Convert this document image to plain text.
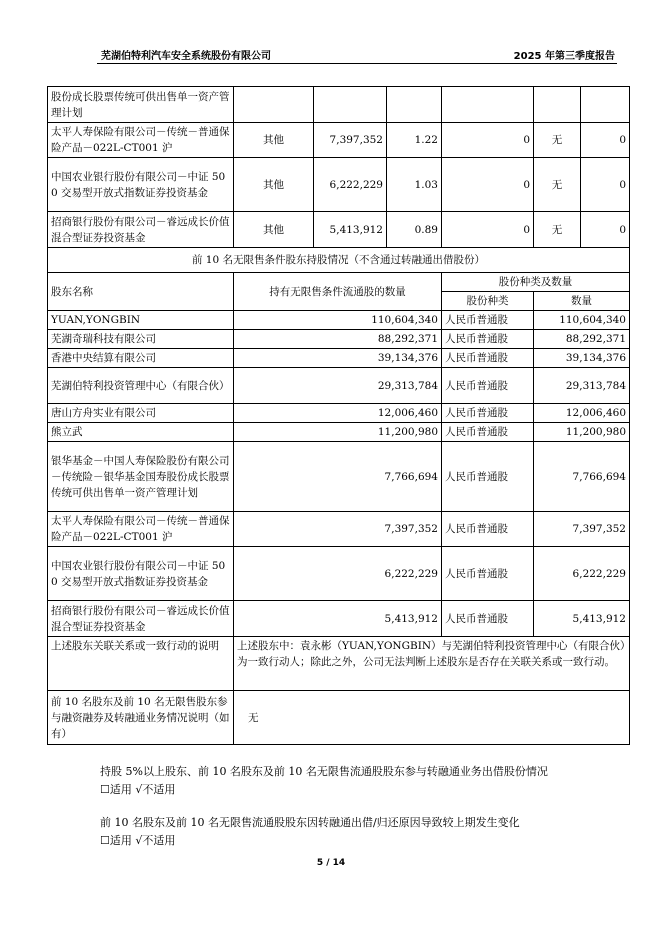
芜湖伯特利汽车安全系统股份有限公司	2025 年第三季度报告
股份成长股票传统可供出售单一资产管理计划						
太平人寿保险有限公司－传统－普通保险产品－022L-CT001 沪	其他	7,397,352	1.22	0	无	0
中国农业银行股份有限公司－中证 500 交易型开放式指数证券投资基金	其他	6,222,229	1.03	0	无	0
招商银行股份有限公司－睿远成长价值混合型证券投资基金	其他	5,413,912	0.89	0	无	0
前 10 名无限售条件股东持股情况（不含通过转融通出借股份）						
股东名称	持有无限售条件流通股的数量			股份种类及数量		
				股份种类	数量	
YUAN,YONGBIN	110,604,340			人民币普通股	110,604,340	
芜湖奇瑞科技有限公司	88,292,371			人民币普通股	88,292,371	
香港中央结算有限公司	39,134,376			人民币普通股	39,134,376	
芜湖伯特利投资管理中心（有限合伙）	29,313,784			人民币普通股	29,313,784	
唐山方舟实业有限公司	12,006,460			人民币普通股	12,006,460	
熊立武	11,200,980			人民币普通股	11,200,980	
银华基金－中国人寿保险股份有限公司－传统险－银华基金国寿股份成长股票传统可供出售单一资产管理计划	7,766,694			人民币普通股	7,766,694	
太平人寿保险有限公司－传统－普通保险产品－022L-CT001 沪	7,397,352			人民币普通股	7,397,352	
中国农业银行股份有限公司－中证 500 交易型开放式指数证券投资基金	6,222,229			人民币普通股	6,222,229	
招商银行股份有限公司－睿远成长价值混合型证券投资基金	5,413,912			人民币普通股	5,413,912	
上述股东关联关系或一致行动的说明	上述股东中：袁永彬（YUAN,YONGBIN）与芜湖伯特利投资管理中心（有限合伙）为一致行动人；除此之外，公司无法判断上述股东是否存在关联关系或一致行动。					
前 10 名股东及前 10 名无限售股东参与融资融券及转融通业务情况说明（如有）	无					
持股 5%以上股东、前 10 名股东及前 10 名无限售流通股股东参与转融通业务出借股份情况
☐适用 √不适用
前 10 名股东及前 10 名无限售流通股股东因转融通出借/归还原因导致较上期发生变化
☐适用 √不适用
5 / 14
